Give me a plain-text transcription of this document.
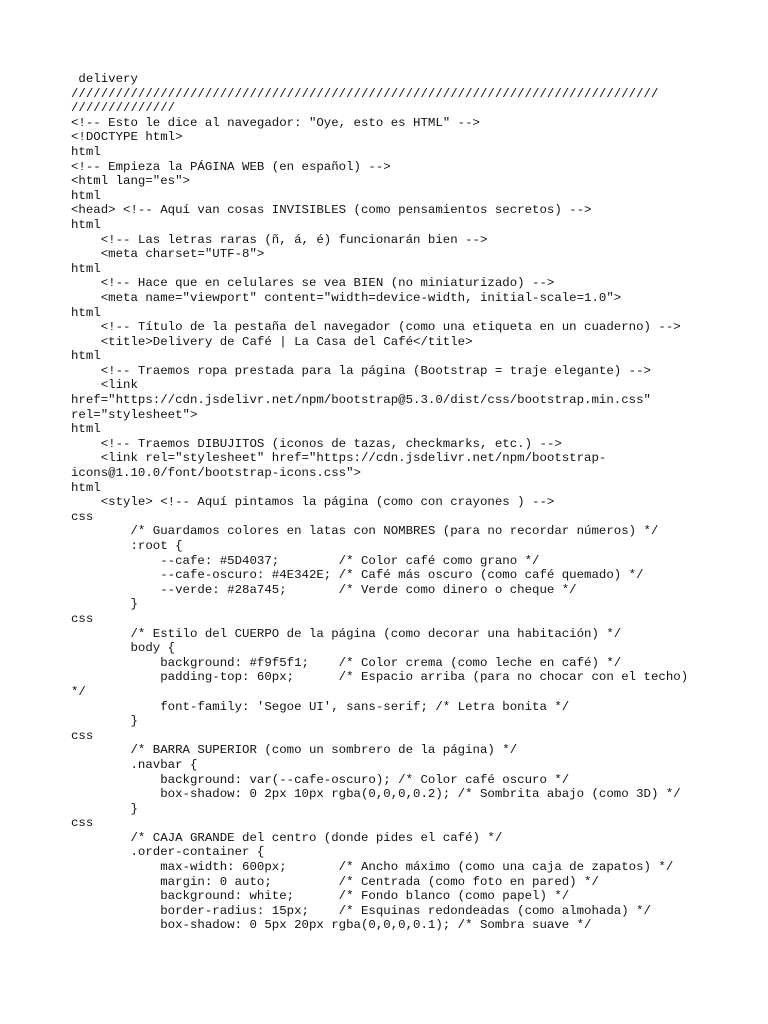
delivery
///////////////////////////////////////////////////////////////////////////////
//////////////
<!-- Esto le dice al navegador: "Oye, esto es HTML" -->
<!DOCTYPE html>
html
<!-- Empieza la PÁGINA WEB (en español) -->
<html lang="es">
html
<head> <!-- Aquí van cosas INVISIBLES (como pensamientos secretos) -->
html
<!-- Las letras raras (ñ, á, é) funcionarán bien -->
<meta charset="UTF-8">
html
<!-- Hace que en celulares se vea BIEN (no miniaturizado) -->
<meta name="viewport" content="width=device-width, initial-scale=1.0">
html
<!-- Título de la pestaña del navegador (como una etiqueta en un cuaderno) -->
<title>Delivery de Café | La Casa del Café</title>
html
<!-- Traemos ropa prestada para la página (Bootstrap = traje elegante) -->
<link
href="https://cdn.jsdelivr.net/npm/bootstrap@5.3.0/dist/css/bootstrap.min.css"
rel="stylesheet">
html
<!-- Traemos DIBUJITOS (iconos de tazas, checkmarks, etc.) -->
<link rel="stylesheet" href="https://cdn.jsdelivr.net/npm/bootstrap-
icons@1.10.0/font/bootstrap-icons.css">
html
<style> <!-- Aquí pintamos la página (como con crayones ) -->
css
/* Guardamos colores en latas con NOMBRES (para no recordar números) */
:root {
--cafe: #5D4037;        /* Color café como grano */
--cafe-oscuro: #4E342E; /* Café más oscuro (como café quemado) */
--verde: #28a745;       /* Verde como dinero o cheque */
}
css
/* Estilo del CUERPO de la página (como decorar una habitación) */
body {
background: #f9f5f1;    /* Color crema (como leche en café) */
padding-top: 60px;      /* Espacio arriba (para no chocar con el techo)
*/
font-family: 'Segoe UI', sans-serif; /* Letra bonita */
}
css
/* BARRA SUPERIOR (como un sombrero de la página) */
.navbar {
background: var(--cafe-oscuro); /* Color café oscuro */
box-shadow: 0 2px 10px rgba(0,0,0,0.2); /* Sombrita abajo (como 3D) */
}
css
/* CAJA GRANDE del centro (donde pides el café) */
.order-container {
max-width: 600px;       /* Ancho máximo (como una caja de zapatos) */
margin: 0 auto;         /* Centrada (como foto en pared) */
background: white;      /* Fondo blanco (como papel) */
border-radius: 15px;    /* Esquinas redondeadas (como almohada) */
box-shadow: 0 5px 20px rgba(0,0,0,0.1); /* Sombra suave */
